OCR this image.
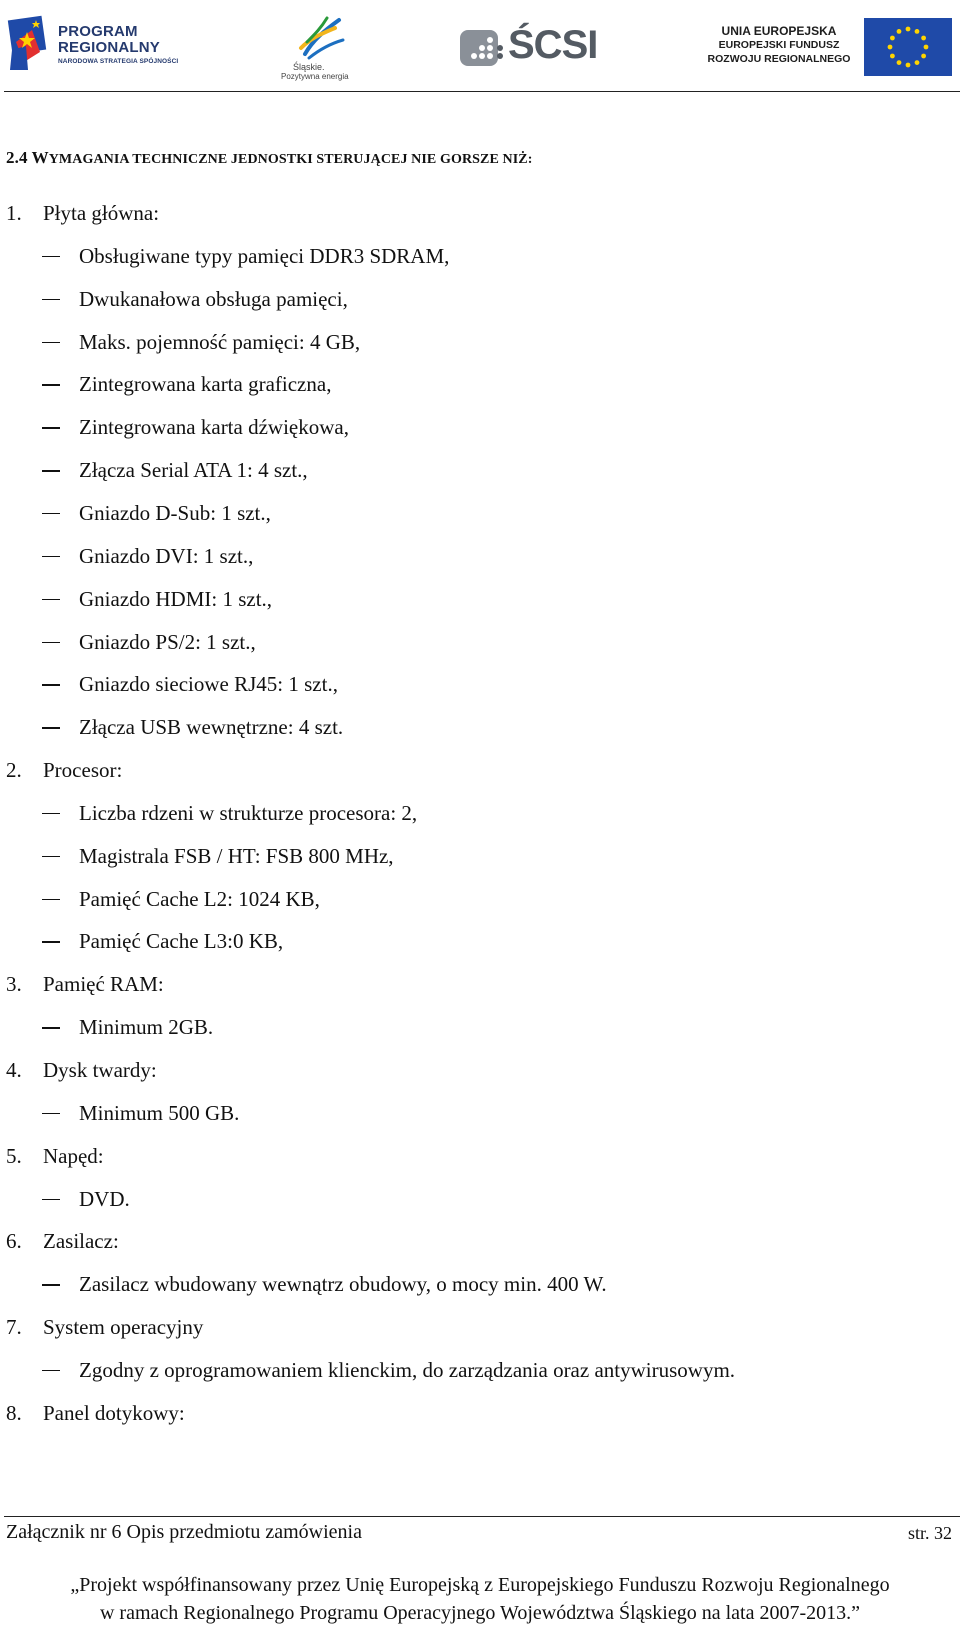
PROGRAM
REGIONALNY
NARODOWA STRATEGIA SPÓJNOŚCI
Śląskie.
Pozytywna energia
ŚCSI	UNIA EUROPEJSKA
EUROPEJSKI FUNDUSZ
ROZWOJU REGIONALNEGO
2.4 WYMAGANIA TECHNICZNE JEDNOSTKI STERUJĄCEJ NIE GORSZE NIŻ:
1. Płyta główna:
Obsługiwane typy pamięci DDR3 SDRAM,
Dwukanałowa obsługa pamięci,
Maks. pojemność pamięci: 4 GB,
Zintegrowana karta graficzna,
Zintegrowana karta dźwiękowa,
Złącza Serial ATA 1: 4 szt.,
Gniazdo D-Sub: 1 szt.,
Gniazdo DVI: 1 szt.,
Gniazdo HDMI: 1 szt.,
Gniazdo PS/2: 1 szt.,
Gniazdo sieciowe RJ45: 1 szt.,
Złącza USB wewnętrzne: 4 szt.
2. Procesor:
Liczba rdzeni w strukturze procesora: 2,
Magistrala FSB / HT: FSB 800 MHz,
Pamięć Cache L2: 1024 KB,
Pamięć Cache L3:0 KB,
3. Pamięć RAM:
Minimum 2GB.
4. Dysk twardy:
Minimum 500 GB.
5. Napęd:
DVD.
6. Zasilacz:
Zasilacz wbudowany wewnątrz obudowy, o mocy min. 400 W.
7. System operacyjny
Zgodny z oprogramowaniem klienckim, do zarządzania oraz antywirusowym.
8. Panel dotykowy:
Załącznik nr 6 Opis przedmiotu zamówienia	str. 32
„Projekt współfinansowany przez Unię Europejską z Europejskiego Funduszu Rozwoju Regionalnego
w ramach Regionalnego Programu Operacyjnego Województwa Śląskiego na lata 2007-2013.”
